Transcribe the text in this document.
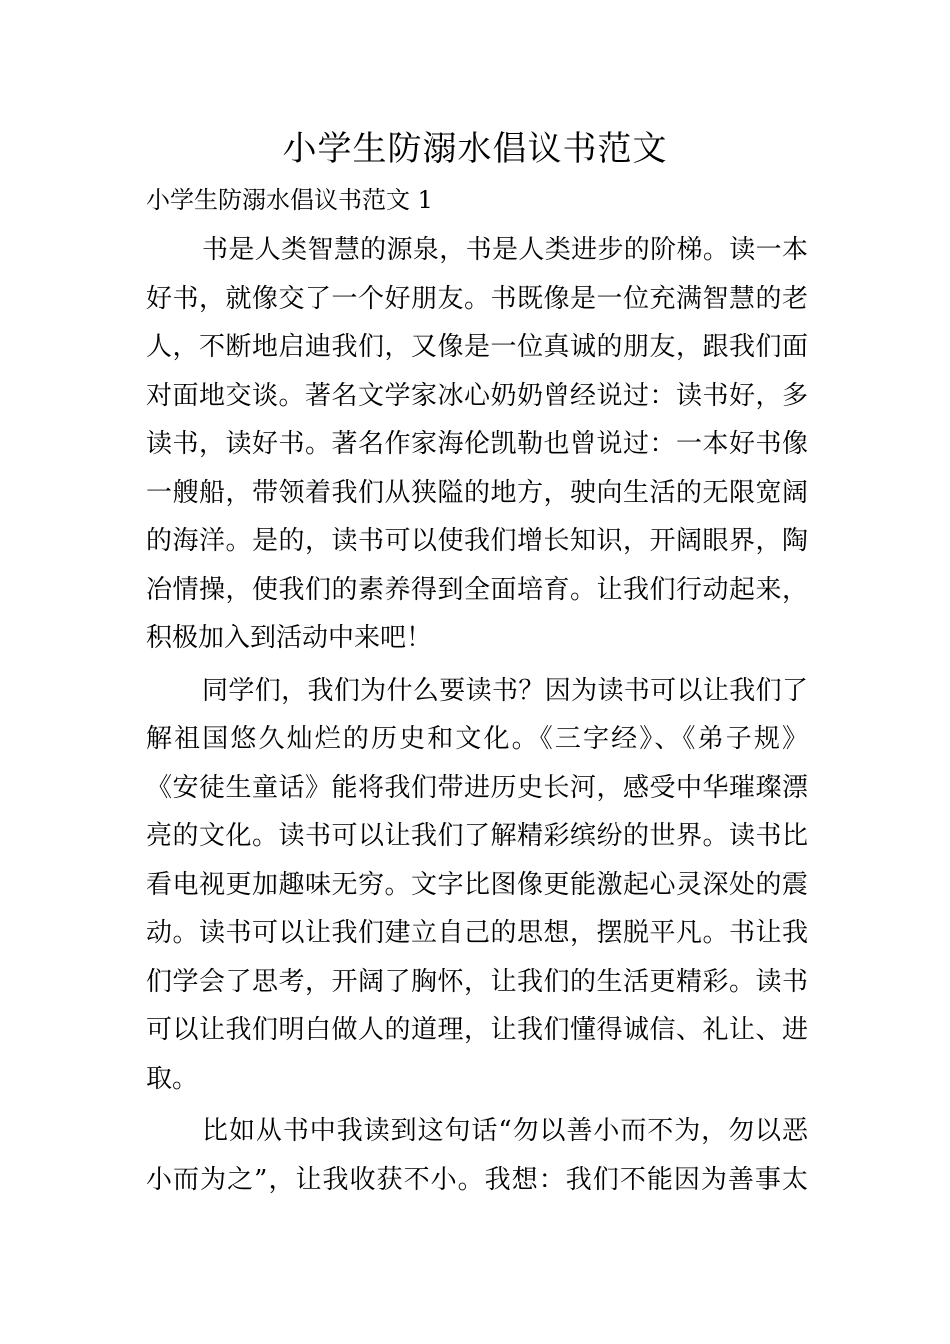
小学生防溺水倡议书范文
小学生防溺水倡议书范文 1

书是人类智慧的源泉，书是人类进步的阶梯。读一本
好书，就像交了一个好朋友。书既像是一位充满智慧的老
人，不断地启迪我们，又像是一位真诚的朋友，跟我们面
对面地交谈。著名文学家冰心奶奶曾经说过：读书好，多
读书，读好书。著名作家海伦凯勒也曾说过：一本好书像
一艘船，带领着我们从狭隘的地方，驶向生活的无限宽阔
的海洋。是的，读书可以使我们增长知识，开阔眼界，陶
冶情操，使我们的素养得到全面培育。让我们行动起来，
积极加入到活动中来吧！

同学们，我们为什么要读书？因为读书可以让我们了
解祖国悠久灿烂的历史和文化。《三字经》、《弟子规》
《安徒生童话》能将我们带进历史长河，感受中华璀璨漂
亮的文化。读书可以让我们了解精彩缤纷的世界。读书比
看电视更加趣味无穷。文字比图像更能激起心灵深处的震
动。读书可以让我们建立自己的思想，摆脱平凡。书让我
们学会了思考，开阔了胸怀，让我们的生活更精彩。读书
可以让我们明白做人的道理，让我们懂得诚信、礼让、进
取。

比如从书中我读到这句话“勿以善小而不为，勿以恶
小而为之”，让我收获不小。我想：我们不能因为善事太
